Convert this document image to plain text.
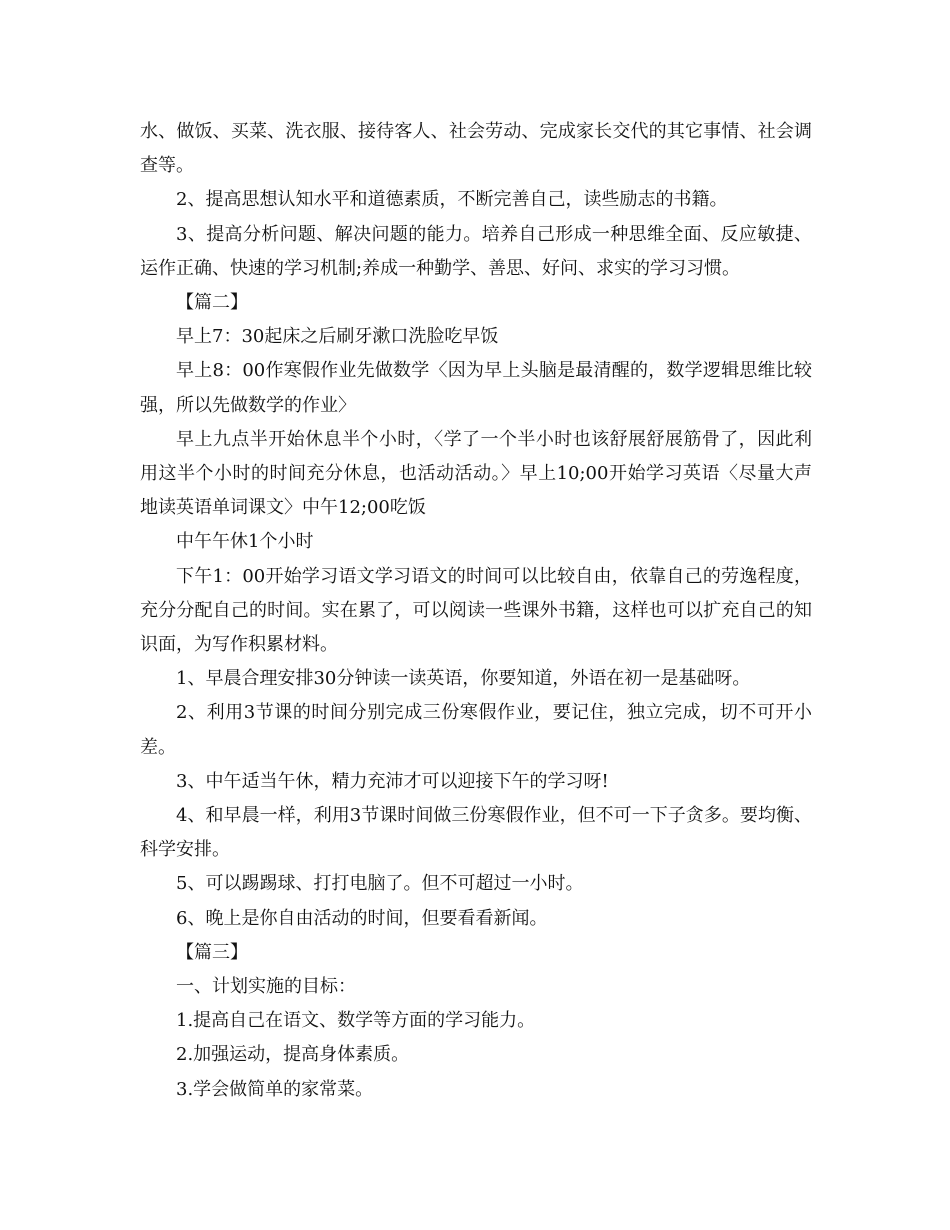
水、做饭、买菜、洗衣服、接待客人、社会劳动、完成家长交代的其它事情、社会调查等。

2、提高思想认知水平和道德素质，不断完善自己，读些励志的书籍。

3、提高分析问题、解决问题的能力。培养自己形成一种思维全面、反应敏捷、运作正确、快速的学习机制;养成一种勤学、善思、好问、求实的学习习惯。

【篇二】

早上7：30起床之后刷牙漱口洗脸吃早饭

早上8：00作寒假作业先做数学〈因为早上头脑是最清醒的，数学逻辑思维比较强，所以先做数学的作业〉

早上九点半开始休息半个小时，〈学了一个半小时也该舒展舒展筋骨了，因此利用这半个小时的时间充分休息，也活动活动。〉早上10;00开始学习英语〈尽量大声地读英语单词课文〉中午12;00吃饭

中午午休1个小时

下午1：00开始学习语文学习语文的时间可以比较自由，依靠自己的劳逸程度，充分分配自己的时间。实在累了，可以阅读一些课外书籍，这样也可以扩充自己的知识面，为写作积累材料。

1、早晨合理安排30分钟读一读英语，你要知道，外语在初一是基础呀。

2、利用3节课的时间分别完成三份寒假作业，要记住，独立完成，切不可开小差。

3、中午适当午休，精力充沛才可以迎接下午的学习呀!

4、和早晨一样，利用3节课时间做三份寒假作业，但不可一下子贪多。要均衡、科学安排。

5、可以踢踢球、打打电脑了。但不可超过一小时。

6、晚上是你自由活动的时间，但要看看新闻。

【篇三】

一、计划实施的目标：

1.提高自己在语文、数学等方面的学习能力。

2.加强运动，提高身体素质。

3.学会做简单的家常菜。
